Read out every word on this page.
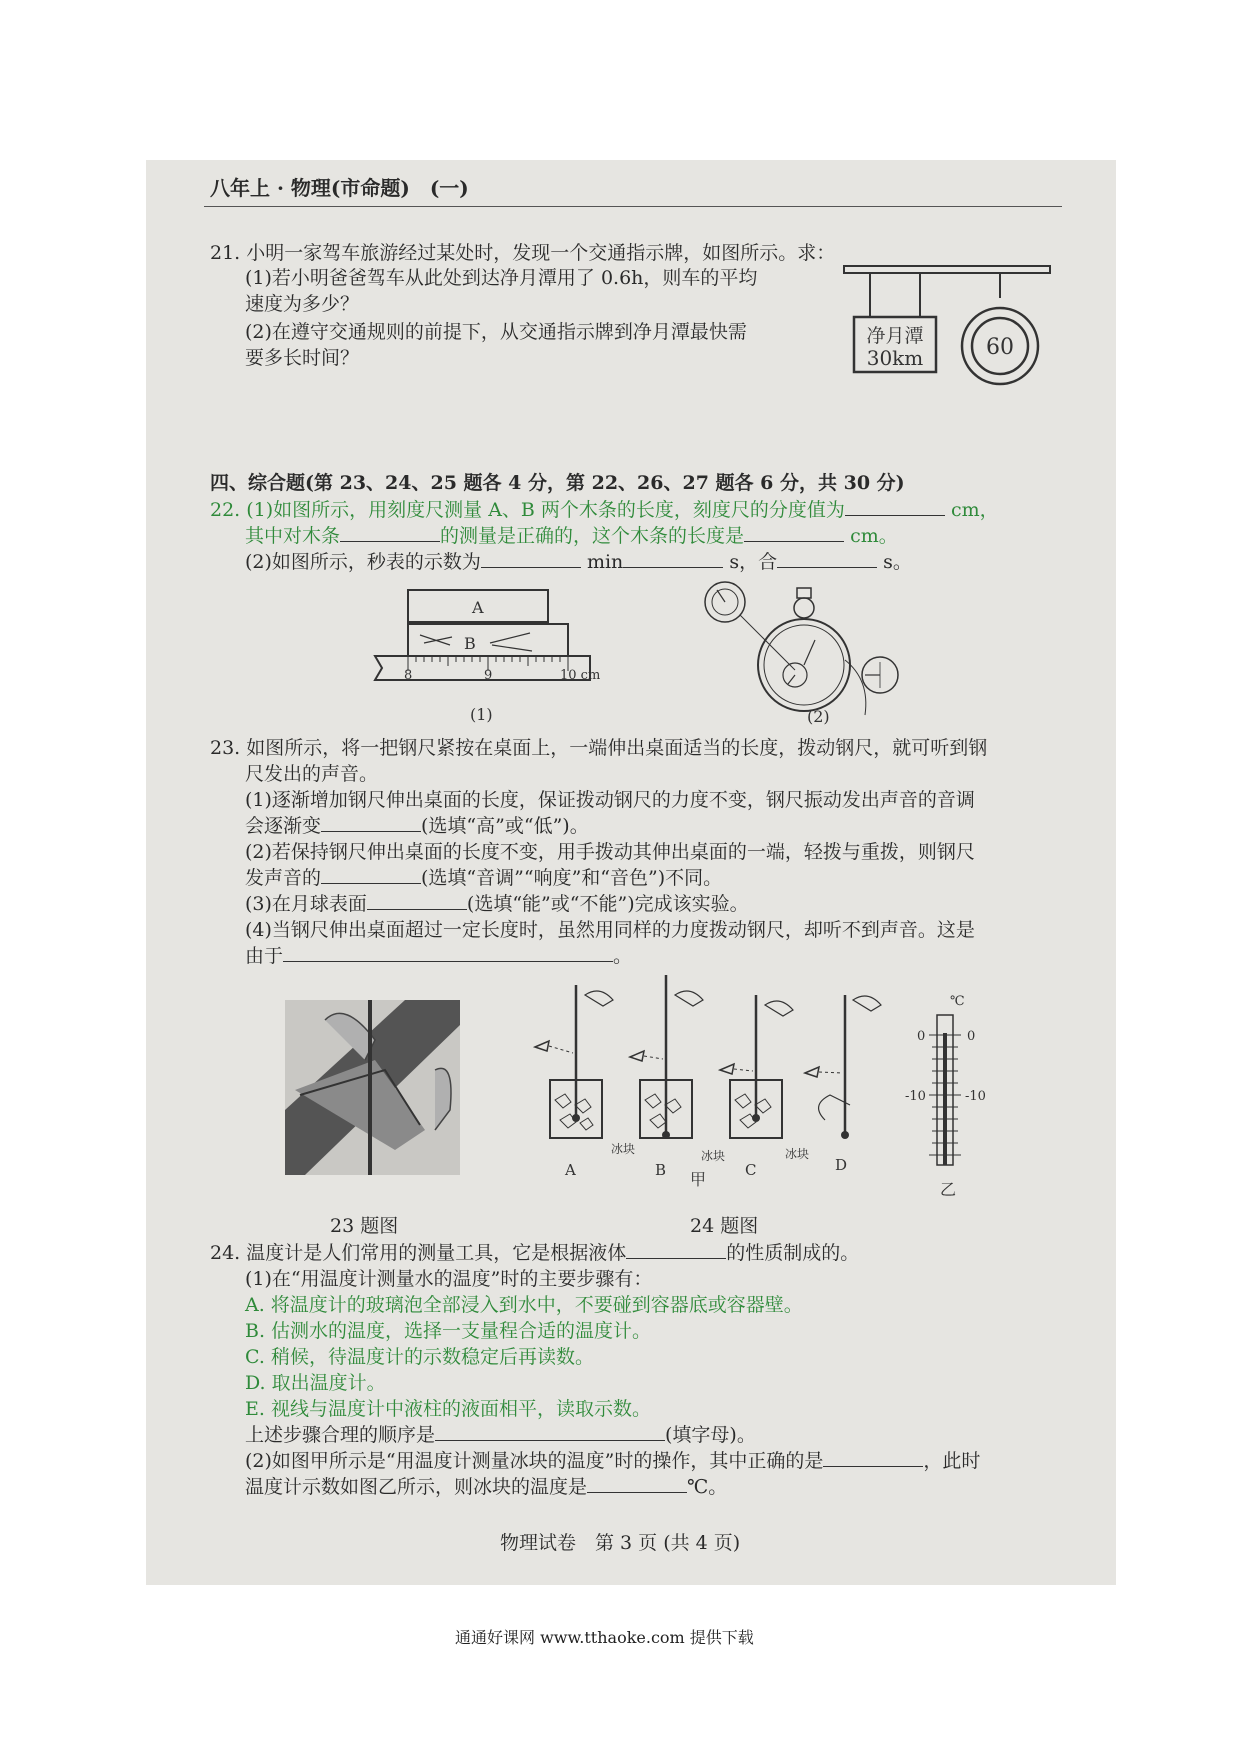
八年上 · 物理(市命题)　(一)
21. 小明一家驾车旅游经过某处时，发现一个交通指示牌，如图所示。求：
(1)若小明爸爸驾车从此处到达净月潭用了 0.6h，则车的平均
速度为多少？
(2)在遵守交通规则的前提下，从交通指示牌到净月潭最快需
要多长时间？
净月潭
30km	60
四、综合题(第 23、24、25 题各 4 分，第 22、26、27 题各 6 分，共 30 分)
22. (1)如图所示，用刻度尺测量 A、B 两个木条的长度，刻度尺的分度值为	cm，
其中对木条	的测量是正确的，这个木条的长度是	cm。
(2)如图所示，秒表的示数为	min	s，合	s。
A
B
8	9	10 cm
(1)	(2)
23. 如图所示，将一把钢尺紧按在桌面上，一端伸出桌面适当的长度，拨动钢尺，就可听到钢
尺发出的声音。
(1)逐渐增加钢尺伸出桌面的长度，保证拨动钢尺的力度不变，钢尺振动发出声音的音调
会逐渐变	(选填“高”或“低”)。
(2)若保持钢尺伸出桌面的长度不变，用手拨动其伸出桌面的一端，轻拨与重拨，则钢尺
发声音的	(选填“音调”“响度”和“音色”)不同。
(3)在月球表面	(选填“能”或“不能”)完成该实验。
(4)当钢尺伸出桌面超过一定长度时，虽然用同样的力度拨动钢尺，却听不到声音。这是
由于	。
23 题图
A
冰块
B
冰块
C
冰块
D
甲
℃
0	0
-10	-10
乙
24 题图
24. 温度计是人们常用的测量工具，它是根据液体	的性质制成的。
(1)在“用温度计测量水的温度”时的主要步骤有：
A. 将温度计的玻璃泡全部浸入到水中，不要碰到容器底或容器壁。
B. 估测水的温度，选择一支量程合适的温度计。
C. 稍候，待温度计的示数稳定后再读数。
D. 取出温度计。
E. 视线与温度计中液柱的液面相平，读取示数。
上述步骤合理的顺序是	(填字母)。
(2)如图甲所示是“用温度计测量冰块的温度”时的操作，其中正确的是	，此时
温度计示数如图乙所示，则冰块的温度是	℃。
物理试卷　第 3 页 (共 4 页)
通通好课网 www.tthaoke.com 提供下载
